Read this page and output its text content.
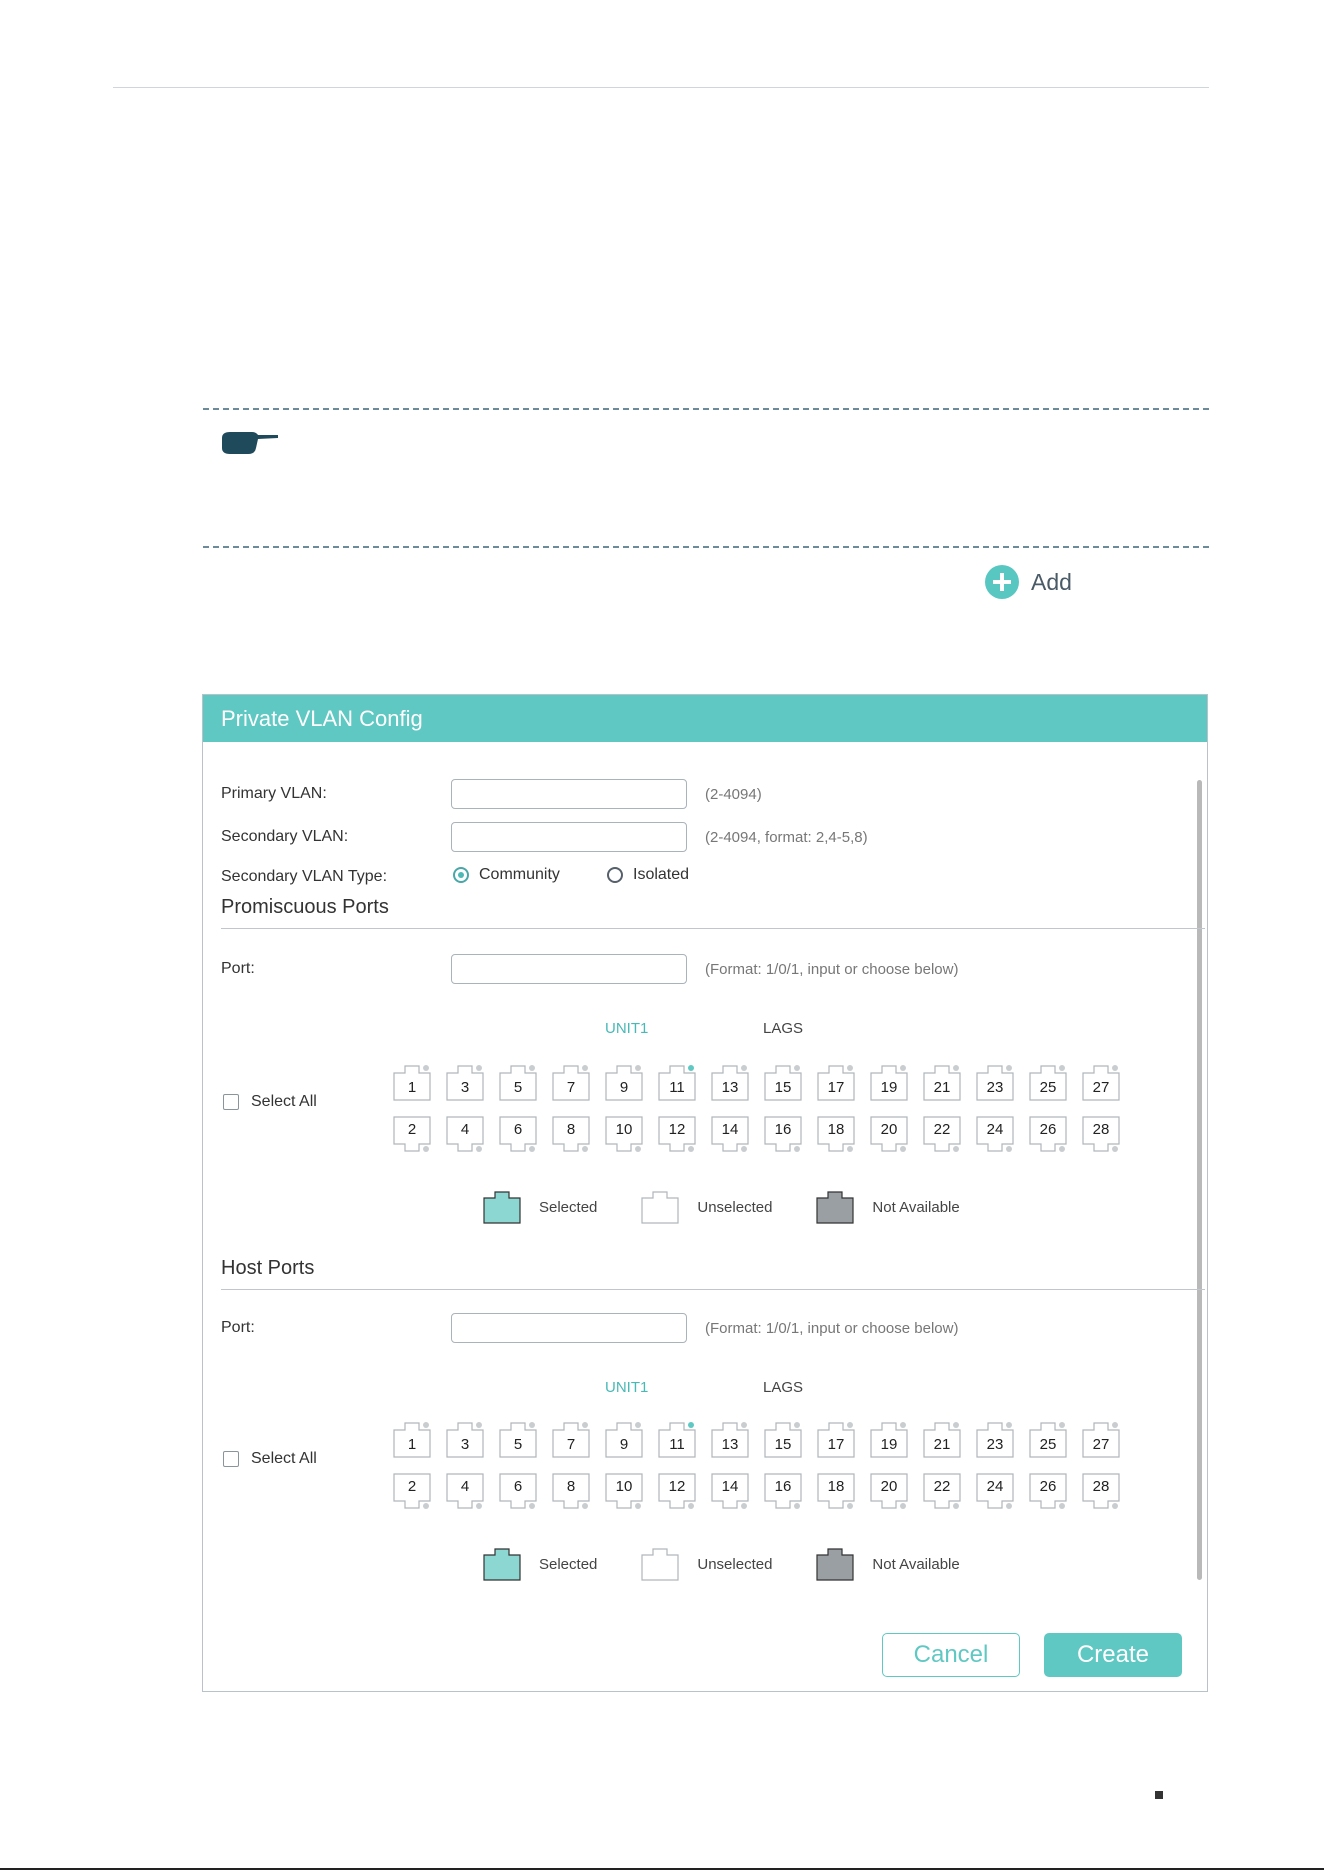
Add
Private VLAN Config
Primary VLAN:	(2-4094)
Secondary VLAN:	(2-4094, format: 2,4-5,8)
Secondary VLAN Type:	Community	Isolated
Promiscuous Ports
Port:	(Format: 1/0/1, input or choose below)
UNIT1	LAGS
Select All
1	3	5	7	9	11	13	15	17	19	21	23	25	27
2	4	6	8	10	12	14	16	18	20	22	24	26	28
Selected	Unselected	Not Available
Host Ports
Port:	(Format: 1/0/1, input or choose below)
UNIT1	LAGS
Select All
1	3	5	7	9	11	13	15	17	19	21	23	25	27
2	4	6	8	10	12	14	16	18	20	22	24	26	28
Selected	Unselected	Not Available
Cancel	Create
